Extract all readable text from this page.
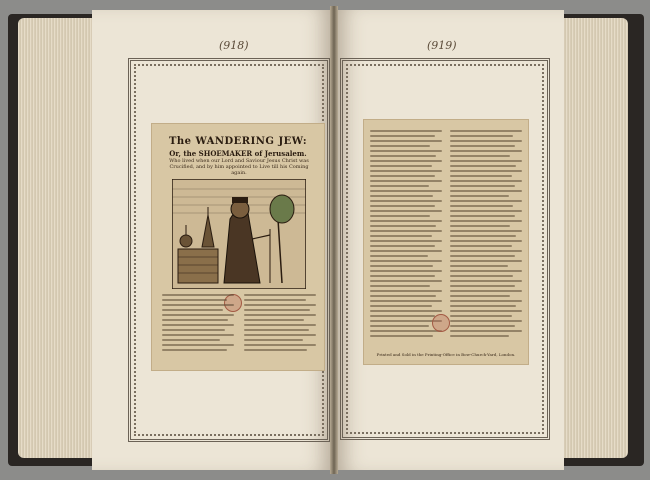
(918)	(919)
The WANDERING JEW:
Or, the SHOEMAKER of Jerusalem.
Who lived when our Lord and Saviour Jesus Christ was Crucified, and by him appointed to Live till his Coming again.
Printed and Sold in the Printing-Office in Bow-Church-Yard, London.
